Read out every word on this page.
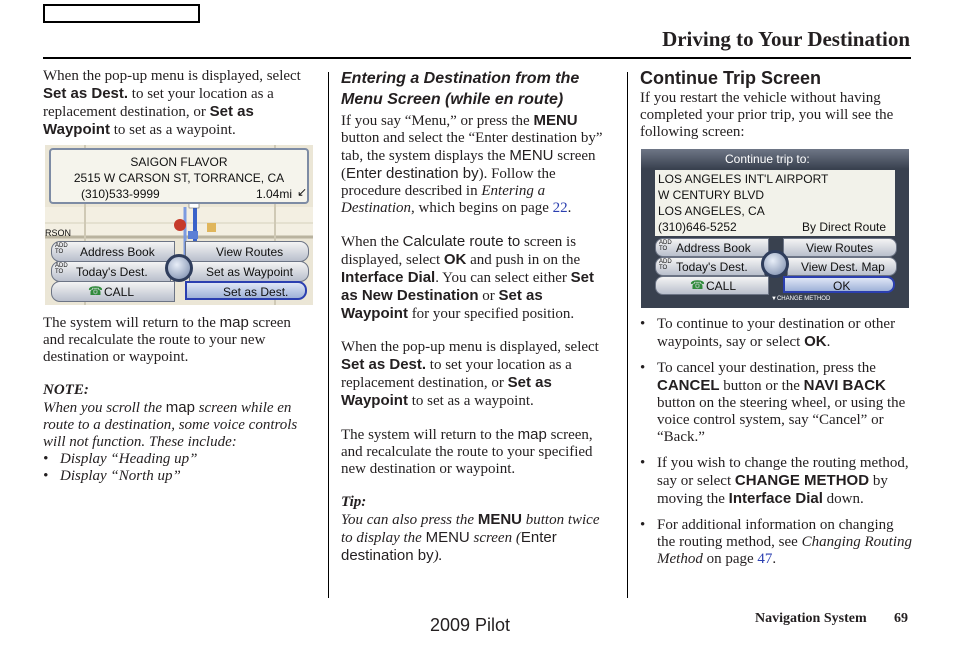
Driving to Your Destination

When the pop-up menu is displayed, select Set as Dest. to set your location as a replacement destination, or Set as Waypoint to set as a waypoint.

RSON
SAIGON FLAVOR
2515 W CARSON ST, TORRANCE, CA
(310)533-9999	1.04mi ↙
ADD
TO	Address Book	View Routes
ADD
TO	Today's Dest.	Set as Waypoint
☎ CALL	Set as Dest.

The system will return to the map screen and recalculate the route to your new destination or waypoint.

NOTE:
When you scroll the map screen while en route to a destination, some voice controls will not function. These include:
• Display “Heading up”
• Display “North up”
Entering a Destination from the Menu Screen (while en route)

If you say “Menu,” or press the MENU button and select the “Enter destination by” tab, the system displays the MENU screen (Enter destination by). Follow the procedure described in Entering a Destination, which begins on page 22.

When the Calculate route to screen is displayed, select OK and push in on the Interface Dial. You can select either Set as New Destination or Set as Waypoint for your specified position.

When the pop-up menu is displayed, select Set as Dest. to set your location as a replacement destination, or Set as Waypoint to set as a waypoint.

The system will return to the map screen, and recalculate the route to your specified new destination or waypoint.

Tip:
You can also press the MENU button twice to display the MENU screen (Enter destination by).
Continue Trip Screen

If you restart the vehicle without having completed your prior trip, you will see the following screen:

Continue trip to:
LOS ANGELES INT'L AIRPORT
W CENTURY BLVD
LOS ANGELES, CA
(310)646-5252	By Direct Route
ADD
TO Address Book	View Routes
ADD
TO Today's Dest.	View Dest. Map
☎ CALL	OK
▼CHANGE METHOD
• To continue to your destination or other waypoints, say or select OK.
• To cancel your destination, press the CANCEL button or the NAVI BACK button on the steering wheel, or using the voice control system, say “Cancel” or “Back.”
• If you wish to change the routing method, say or select CHANGE METHOD by moving the Interface Dial down.
• For additional information on changing the routing method, see Changing Routing Method on page 47.
2009 Pilot	Navigation System 69
